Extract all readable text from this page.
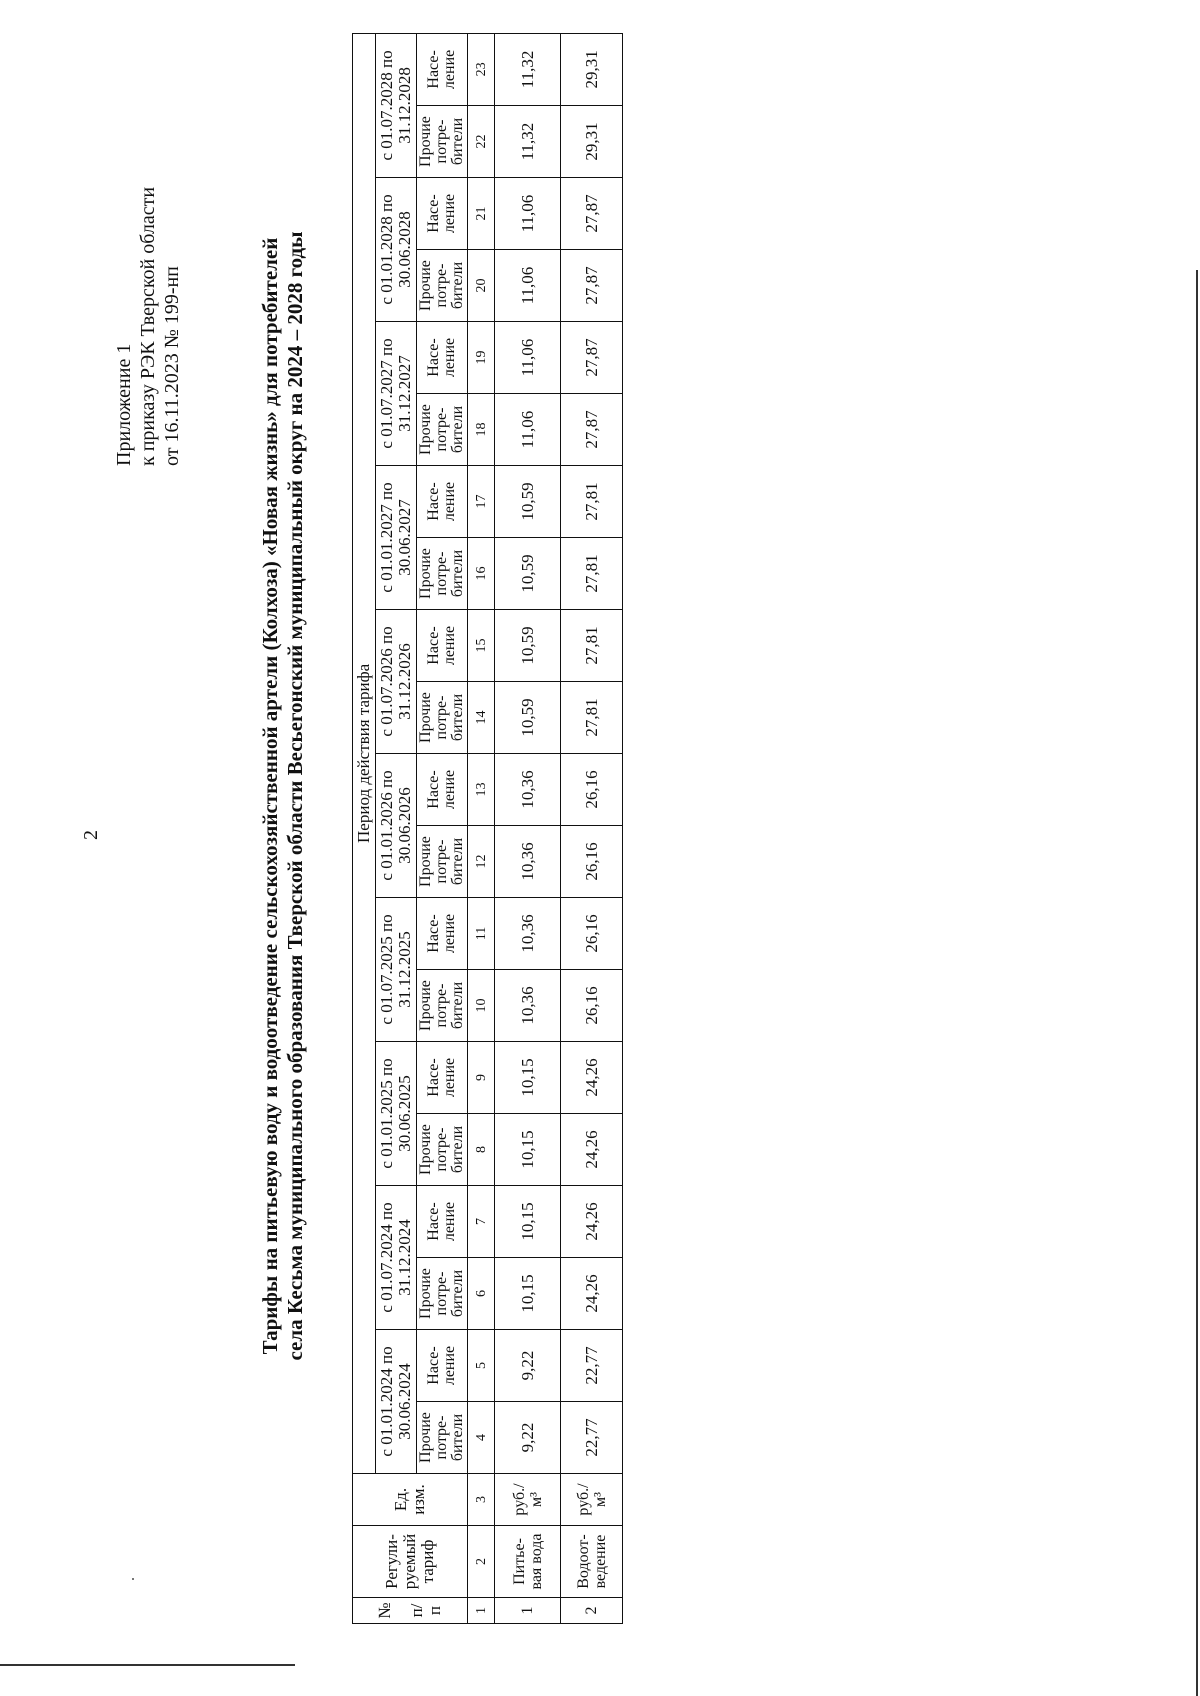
2
Приложение 1 к приказу РЭК Тверской области от 16.11.2023 № 199-нп	Тарифы на питьевую воду и водоотведение сельскохозяйственной артели (Колхоза) «Новая жизнь» для потребителей села Кесьма муниципального образования Тверской области Весьегонский муниципальный округ на 2024 – 2028 годы
№ п/п	Регули-руемый тариф	Ед. изм.	Период действия тарифа																			
			с 01.01.2024 по 30.06.2024		с 01.07.2024 по 31.12.2024		с 01.01.2025 по 30.06.2025		с 01.07.2025 по 31.12.2025		с 01.01.2026 по 30.06.2026		с 01.07.2026 по 31.12.2026		с 01.01.2027 по 30.06.2027		с 01.07.2027 по 31.12.2027		с 01.01.2028 по 30.06.2028		с 01.07.2028 по 31.12.2028	
			Прочие потре-бители	Насе-ление	Прочие потре-бители	Насе-ление	Прочие потре-бители	Насе-ление	Прочие потре-бители	Насе-ление	Прочие потре-бители	Насе-ление	Прочие потре-бители	Насе-ление	Прочие потре-бители	Насе-ление	Прочие потре-бители	Насе-ление	Прочие потре-бители	Насе-ление	Прочие потре-бители	Насе-ление
1	2	3	4	5	6	7	8	9	10	11	12	13	14	15	16	17	18	19	20	21	22	23
1	Питье-вая вода	руб./м³	9,22	9,22	10,15	10,15	10,15	10,15	10,36	10,36	10,36	10,36	10,59	10,59	10,59	10,59	11,06	11,06	11,06	11,06	11,32	11,32
2	Водоот-ведение	руб./м³	22,77	22,77	24,26	24,26	24,26	24,26	26,16	26,16	26,16	26,16	27,81	27,81	27,81	27,81	27,87	27,87	27,87	27,87	29,31	29,31
